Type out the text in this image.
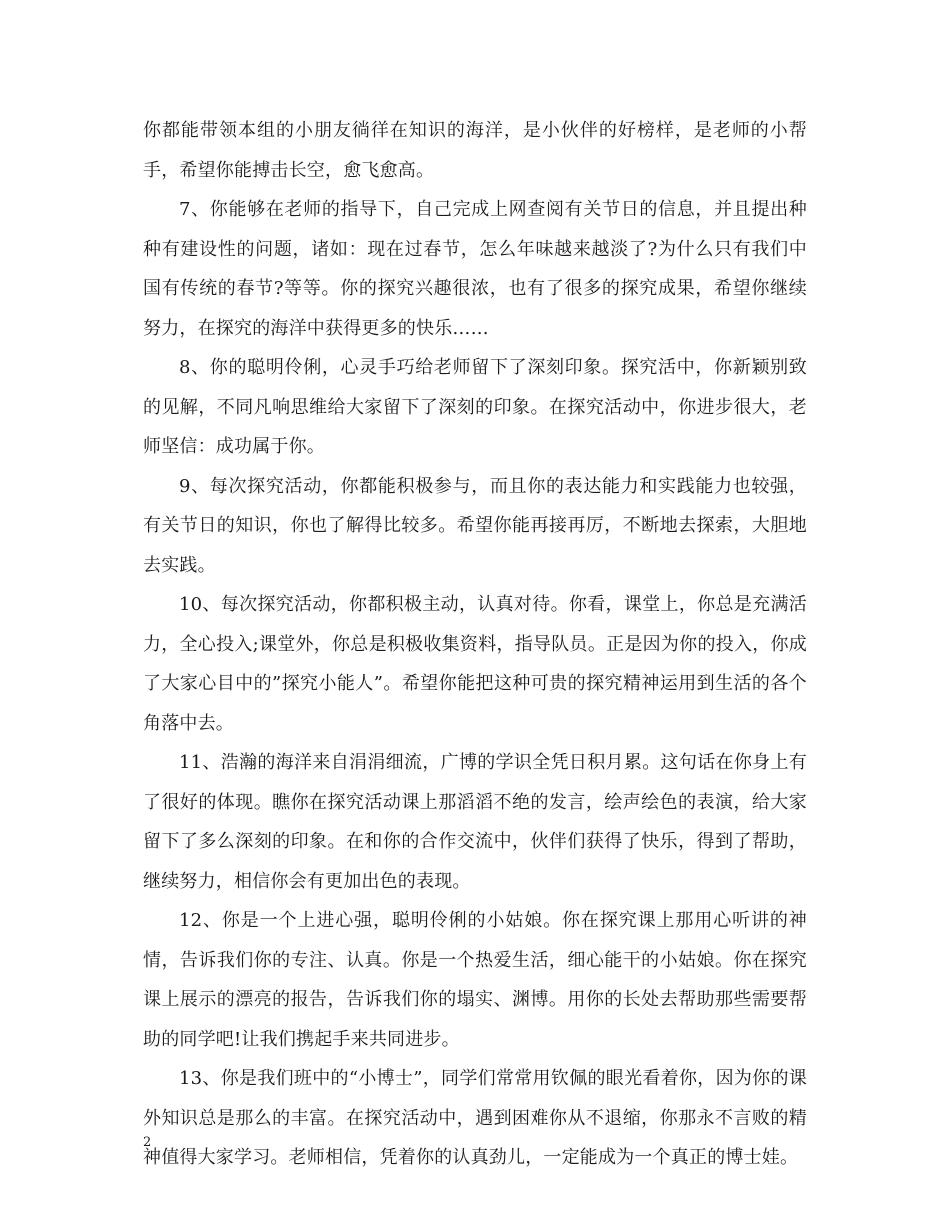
你都能带领本组的小朋友徜徉在知识的海洋，是小伙伴的好榜样，是老师的小帮手，希望你能搏击长空，愈飞愈高。

7、你能够在老师的指导下，自己完成上网查阅有关节日的信息，并且提出种种有建设性的问题，诸如：现在过春节，怎么年味越来越淡了?为什么只有我们中国有传统的春节?等等。你的探究兴趣很浓，也有了很多的探究成果，希望你继续努力，在探究的海洋中获得更多的快乐……

8、你的聪明伶俐，心灵手巧给老师留下了深刻印象。探究活中，你新颖别致的见解，不同凡响思维给大家留下了深刻的印象。在探究活动中，你进步很大，老师坚信：成功属于你。

9、每次探究活动，你都能积极参与，而且你的表达能力和实践能力也较强，有关节日的知识，你也了解得比较多。希望你能再接再厉，不断地去探索，大胆地去实践。

10、每次探究活动，你都积极主动，认真对待。你看，课堂上，你总是充满活力，全心投入;课堂外，你总是积极收集资料，指导队员。正是因为你的投入，你成了大家心目中的”探究小能人”。希望你能把这种可贵的探究精神运用到生活的各个角落中去。

11、浩瀚的海洋来自涓涓细流，广博的学识全凭日积月累。这句话在你身上有了很好的体现。瞧你在探究活动课上那滔滔不绝的发言，绘声绘色的表演，给大家留下了多么深刻的印象。在和你的合作交流中，伙伴们获得了快乐，得到了帮助，继续努力，相信你会有更加出色的表现。

12、你是一个上进心强，聪明伶俐的小姑娘。你在探究课上那用心听讲的神情，告诉我们你的专注、认真。你是一个热爱生活，细心能干的小姑娘。你在探究课上展示的漂亮的报告，告诉我们你的塌实、渊博。用你的长处去帮助那些需要帮助的同学吧!让我们携起手来共同进步。

13、你是我们班中的“小博士”，同学们常常用钦佩的眼光看着你，因为你的课外知识总是那么的丰富。在探究活动中，遇到困难你从不退缩，你那永不言败的精神值得大家学习。老师相信，凭着你的认真劲儿，一定能成为一个真正的博士娃。

2
